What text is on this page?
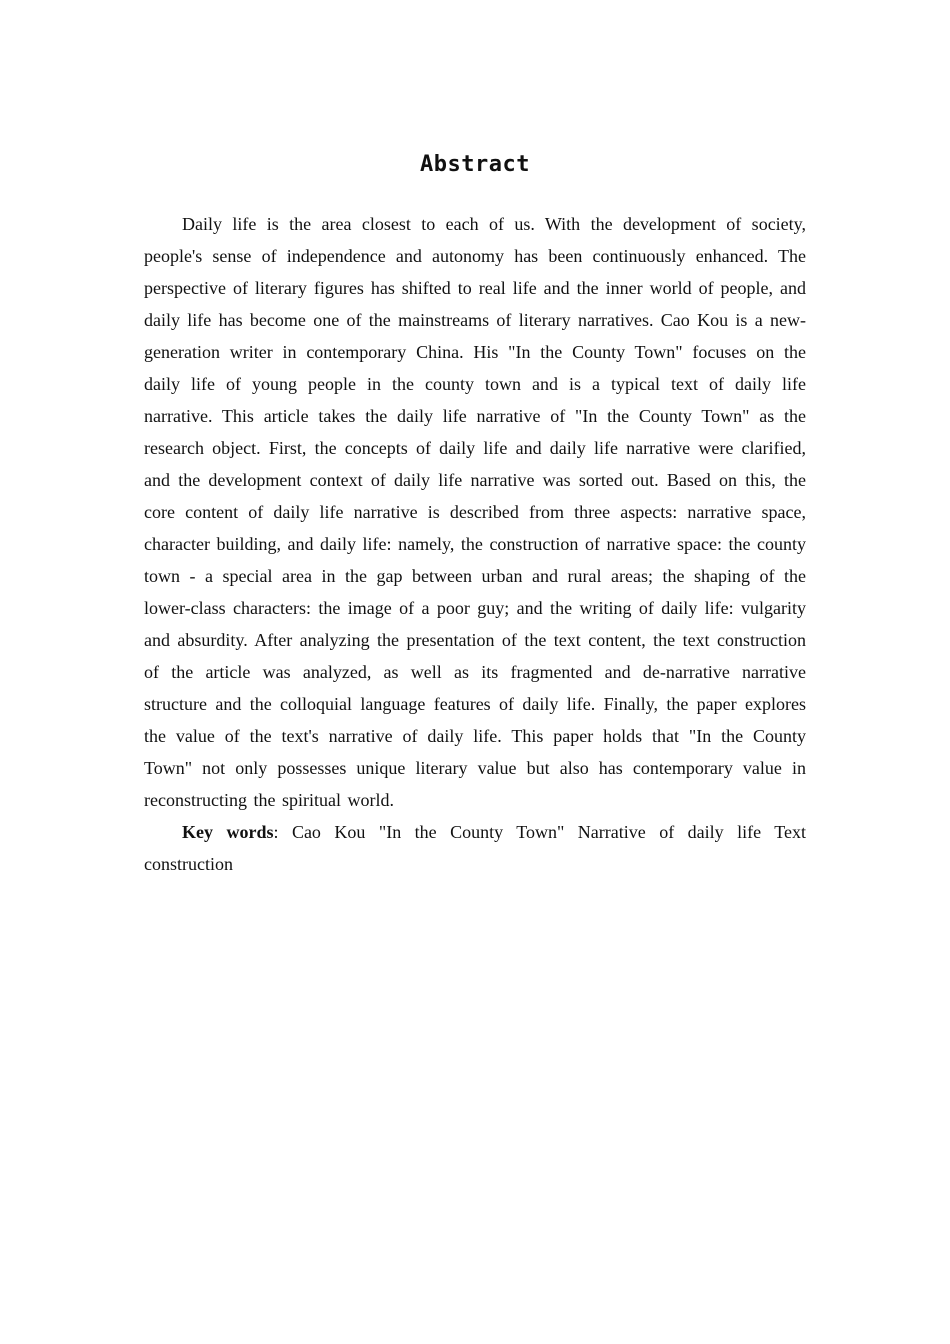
Abstract

Daily life is the area closest to each of us. With the development of society, people's sense of independence and autonomy has been continuously enhanced. The perspective of literary figures has shifted to real life and the inner world of people, and daily life has become one of the mainstreams of literary narratives. Cao Kou is a new-generation writer in contemporary China. His "In the County Town" focuses on the daily life of young people in the county town and is a typical text of daily life narrative. This article takes the daily life narrative of "In the County Town" as the research object. First, the concepts of daily life and daily life narrative were clarified, and the development context of daily life narrative was sorted out. Based on this, the core content of daily life narrative is described from three aspects: narrative space, character building, and daily life: namely, the construction of narrative space: the county town - a special area in the gap between urban and rural areas; the shaping of the lower-class characters: the image of a poor guy; and the writing of daily life: vulgarity and absurdity. After analyzing the presentation of the text content, the text construction of the article was analyzed, as well as its fragmented and de-narrative narrative structure and the colloquial language features of daily life. Finally, the paper explores the value of the text's narrative of daily life. This paper holds that "In the County Town" not only possesses unique literary value but also has contemporary value in reconstructing the spiritual world.

Key words: Cao Kou "In the County Town" Narrative of daily life Text construction
